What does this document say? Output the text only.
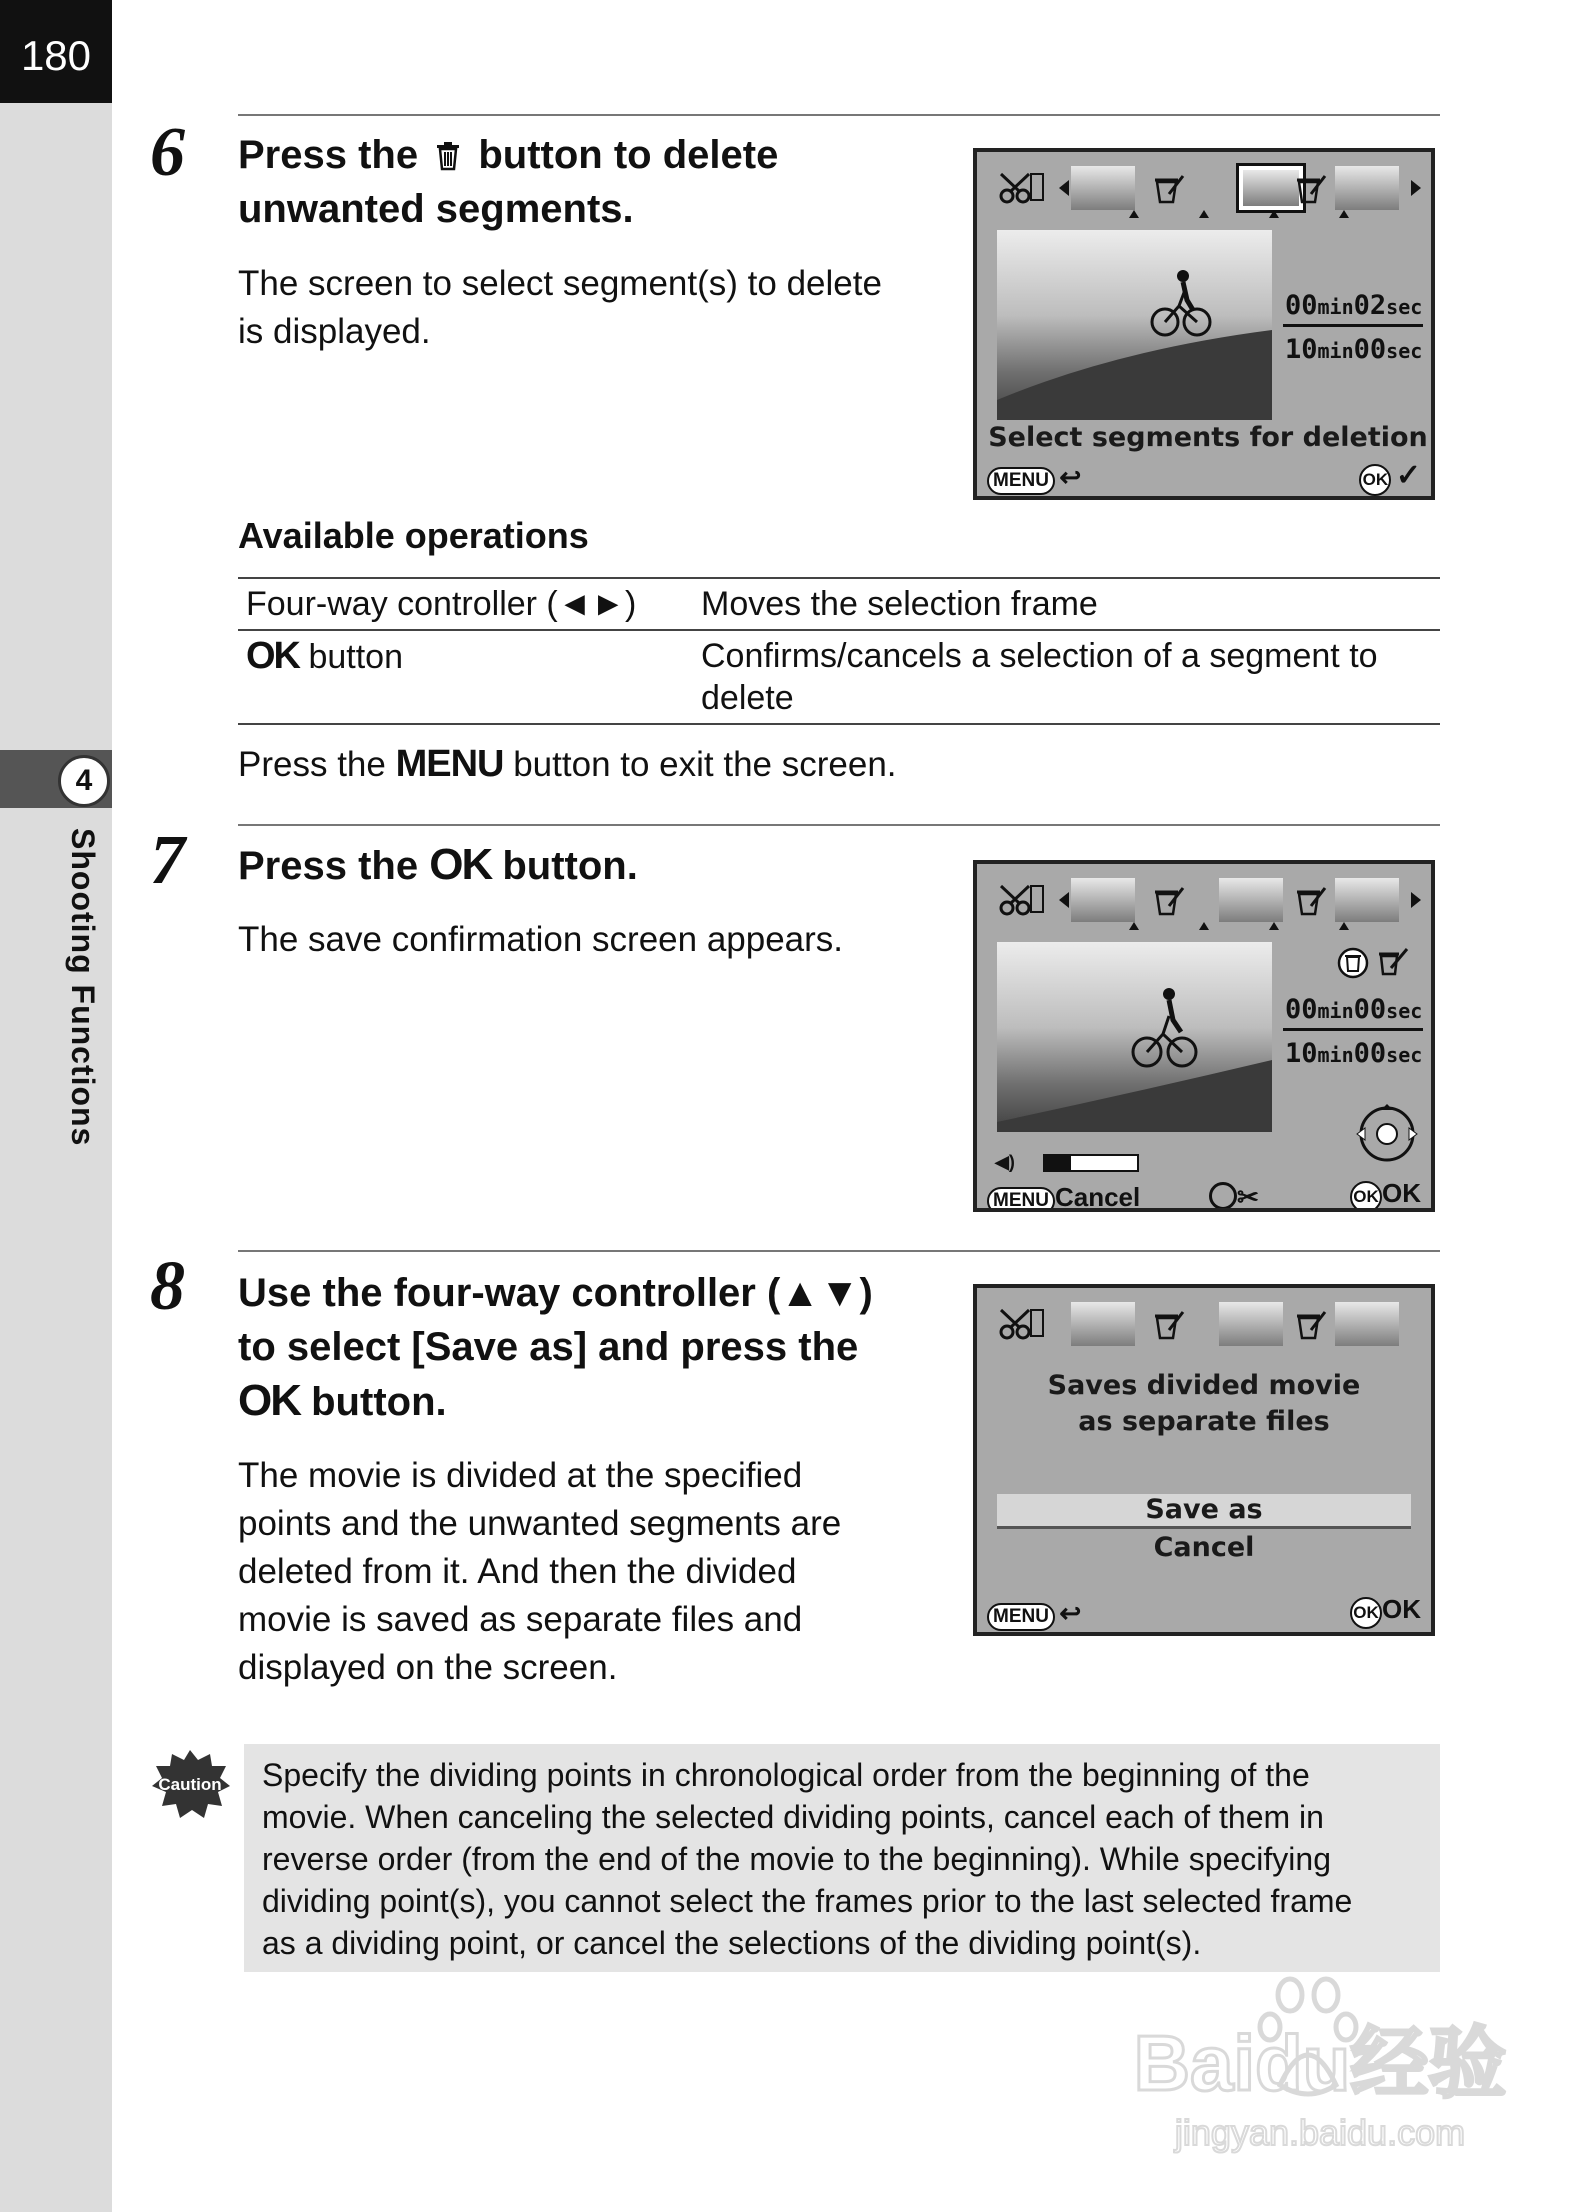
180
4
Shooting Functions
6 Press the button to delete
unwanted segments.
The screen to select segment(s) to delete
is displayed.
00min02sec
10min00sec
Select segments for deletion
MENU ↩	OK ✓
Available operations
Four-way controller (◄►)	Moves the selection frame
OK button	Confirms/cancels a selection of a segment to delete
Press the MENU button to exit the screen.
7 Press the OK button.
The save confirmation screen appears.
00min00sec
10min00sec
◀)
MENU Cancel	✂	OK OK
8 Use the four-way controller (▲▼)
to select [Save as] and press the
OK button.
The movie is divided at the specified
points and the unwanted segments are
deleted from it. And then the divided
movie is saved as separate files and
displayed on the screen.
Saves divided movie
as separate files
Save as
Cancel
MENU ↩	OK OK
Caution	Specify the dividing points in chronological order from the beginning of the
movie. When canceling the selected dividing points, cancel each of them in
reverse order (from the end of the movie to the beginning). While specifying
dividing point(s), you cannot select the frames prior to the last selected frame
as a dividing point, or cancel the selections of the dividing point(s).
Baidu经验
jingyan.baidu.com
